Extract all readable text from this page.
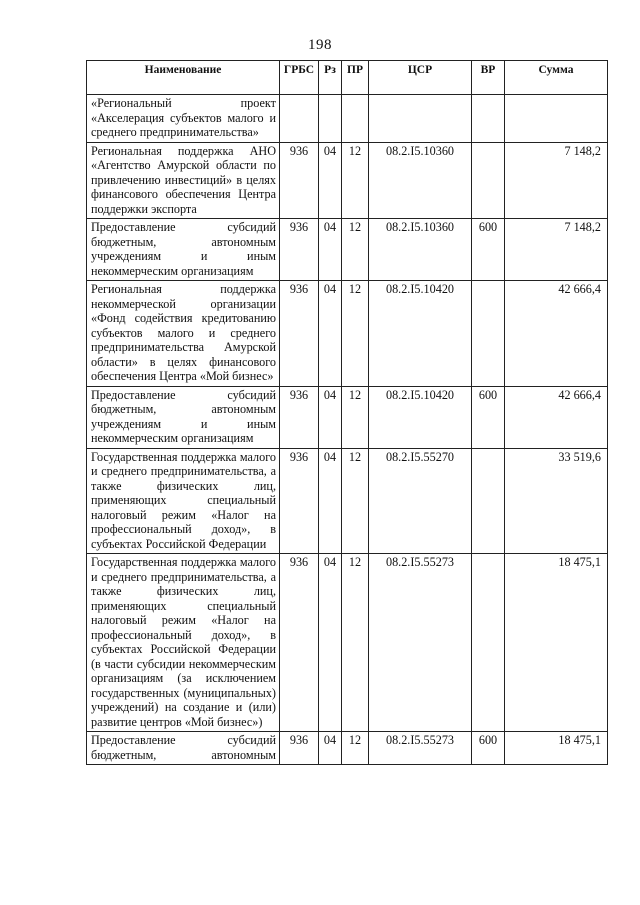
198
Наименование	ГРБС	Рз	ПР	ЦСР	ВР	Сумма
«Региональный проект «Акселерация субъектов малого и среднего предпринимательства»						
Региональная поддержка АНО «Агентство Амурской области по привлечению инвестиций» в целях финансового обеспечения Центра поддержки экспорта	936	04	12	08.2.I5.10360		7 148,2
Предоставление субсидий бюджетным, автономным учреждениям и иным некоммерческим организациям	936	04	12	08.2.I5.10360	600	7 148,2
Региональная поддержка некоммерческой организации «Фонд содействия кредитованию субъектов малого и среднего предпринимательства Амурской области» в целях финансового обеспечения Центра «Мой бизнес»	936	04	12	08.2.I5.10420		42 666,4
Предоставление субсидий бюджетным, автономным учреждениям и иным некоммерческим организациям	936	04	12	08.2.I5.10420	600	42 666,4
Государственная поддержка малого и среднего предпринимательства, а также физических лиц, применяющих специальный налоговый режим «Налог на профессиональный доход», в субъектах Российской Федерации	936	04	12	08.2.I5.55270		33 519,6
Государственная поддержка малого и среднего предпринимательства, а также физических лиц, применяющих специальный налоговый режим «Налог на профессиональный доход», в субъектах Российской Федерации (в части субсидии некоммерческим организациям (за исключением государственных (муниципальных) учреждений) на создание и (или) развитие центров «Мой бизнес»)	936	04	12	08.2.I5.55273		18 475,1
Предоставление субсидий бюджетным, автономным	936	04	12	08.2.I5.55273	600	18 475,1
